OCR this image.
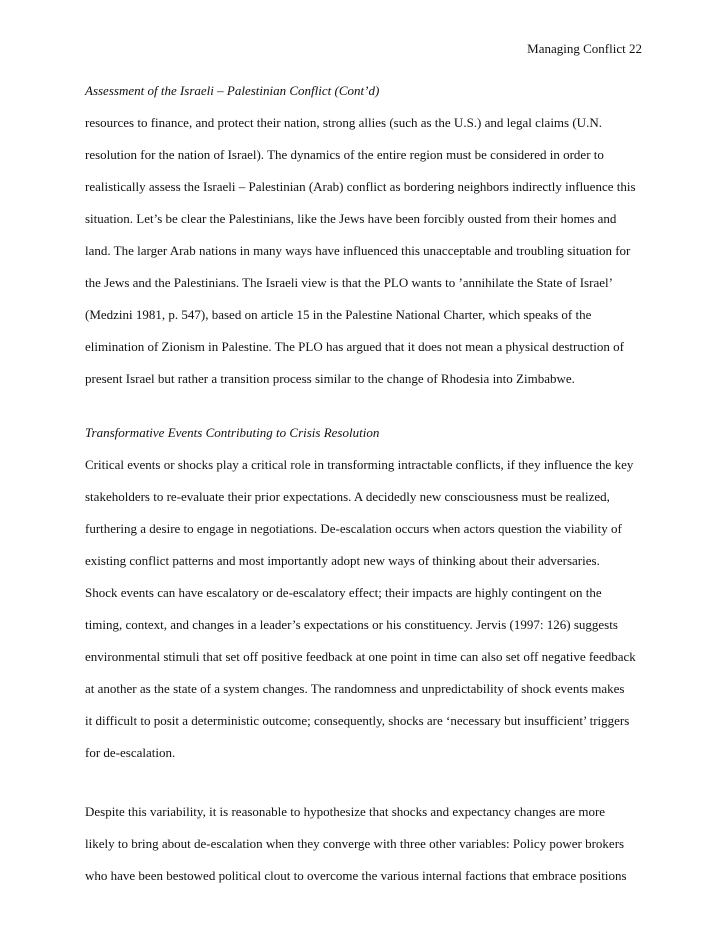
Managing Conflict 22
Assessment of the Israeli – Palestinian Conflict (Cont’d)
resources to finance, and protect their nation, strong allies (such as the U.S.) and legal claims (U.N.
resolution for the nation of Israel). The dynamics of the entire region must be considered in order to
realistically assess the Israeli – Palestinian (Arab) conflict as bordering neighbors indirectly influence this
situation. Let’s be clear the Palestinians, like the Jews have been forcibly ousted from their homes and
land. The larger Arab nations in many ways have influenced this unacceptable and troubling situation for
the Jews and the Palestinians. The Israeli view is that the PLO wants to ’annihilate the State of Israel’
(Medzini 1981, p. 547), based on article 15 in the Palestine National Charter, which speaks of the
elimination of Zionism in Palestine. The PLO has argued that it does not mean a physical destruction of
present Israel but rather a transition process similar to the change of Rhodesia into Zimbabwe.
Transformative Events Contributing to Crisis Resolution
Critical events or shocks play a critical role in transforming intractable conflicts, if they influence the key
stakeholders to re-evaluate their prior expectations. A decidedly new consciousness must be realized,
furthering a desire to engage in negotiations. De-escalation occurs when actors question the viability of
existing conflict patterns and most importantly adopt new ways of thinking about their adversaries.
Shock events can have escalatory or de-escalatory effect; their impacts are highly contingent on the
timing, context, and changes in a leader’s expectations or his constituency. Jervis (1997: 126) suggests
environmental stimuli that set off positive feedback at one point in time can also set off negative feedback
at another as the state of a system changes. The randomness and unpredictability of shock events makes
it difficult to posit a deterministic outcome; consequently, shocks are ‘necessary but insufficient’ triggers
for de-escalation.
Despite this variability, it is reasonable to hypothesize that shocks and expectancy changes are more
likely to bring about de-escalation when they converge with three other variables: Policy power brokers
who have been bestowed political clout to overcome the various internal factions that embrace positions
